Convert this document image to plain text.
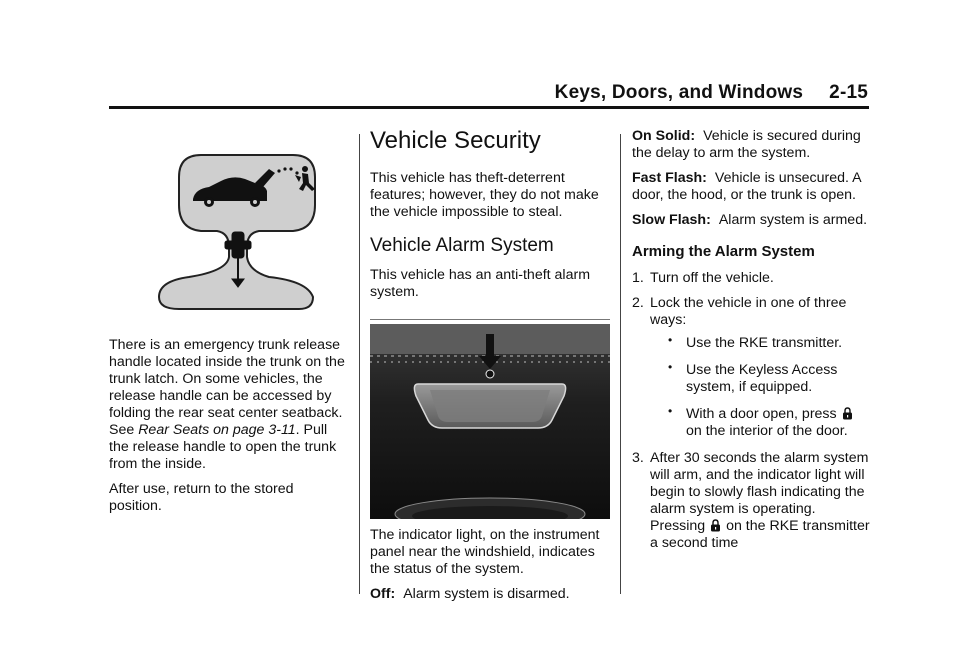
Keys, Doors, and Windows 2-15

There is an emergency trunk release handle located inside the trunk on the trunk latch. On some vehicles, the release handle can be accessed by folding the rear seat center seatback. See Rear Seats on page 3-11. Pull the release handle to open the trunk from the inside.

After use, return to the stored position.

Vehicle Security

This vehicle has theft-deterrent features; however, they do not make the vehicle impossible to steal.

Vehicle Alarm System

This vehicle has an anti-theft alarm system.

The indicator light, on the instrument panel near the windshield, indicates the status of the system.

Off: Alarm system is disarmed.

On Solid: Vehicle is secured during the delay to arm the system.

Fast Flash: Vehicle is unsecured. A door, the hood, or the trunk is open.

Slow Flash: Alarm system is armed.

Arming the Alarm System
1. Turn off the vehicle.
2. Lock the vehicle in one of three ways:
• Use the RKE transmitter.
• Use the Keyless Access system, if equipped.
• With a door open, press  on the interior of the door.
3. After 30 seconds the alarm system will arm, and the indicator light will begin to slowly flash indicating the alarm system is operating. Pressing  on the RKE transmitter a second time
